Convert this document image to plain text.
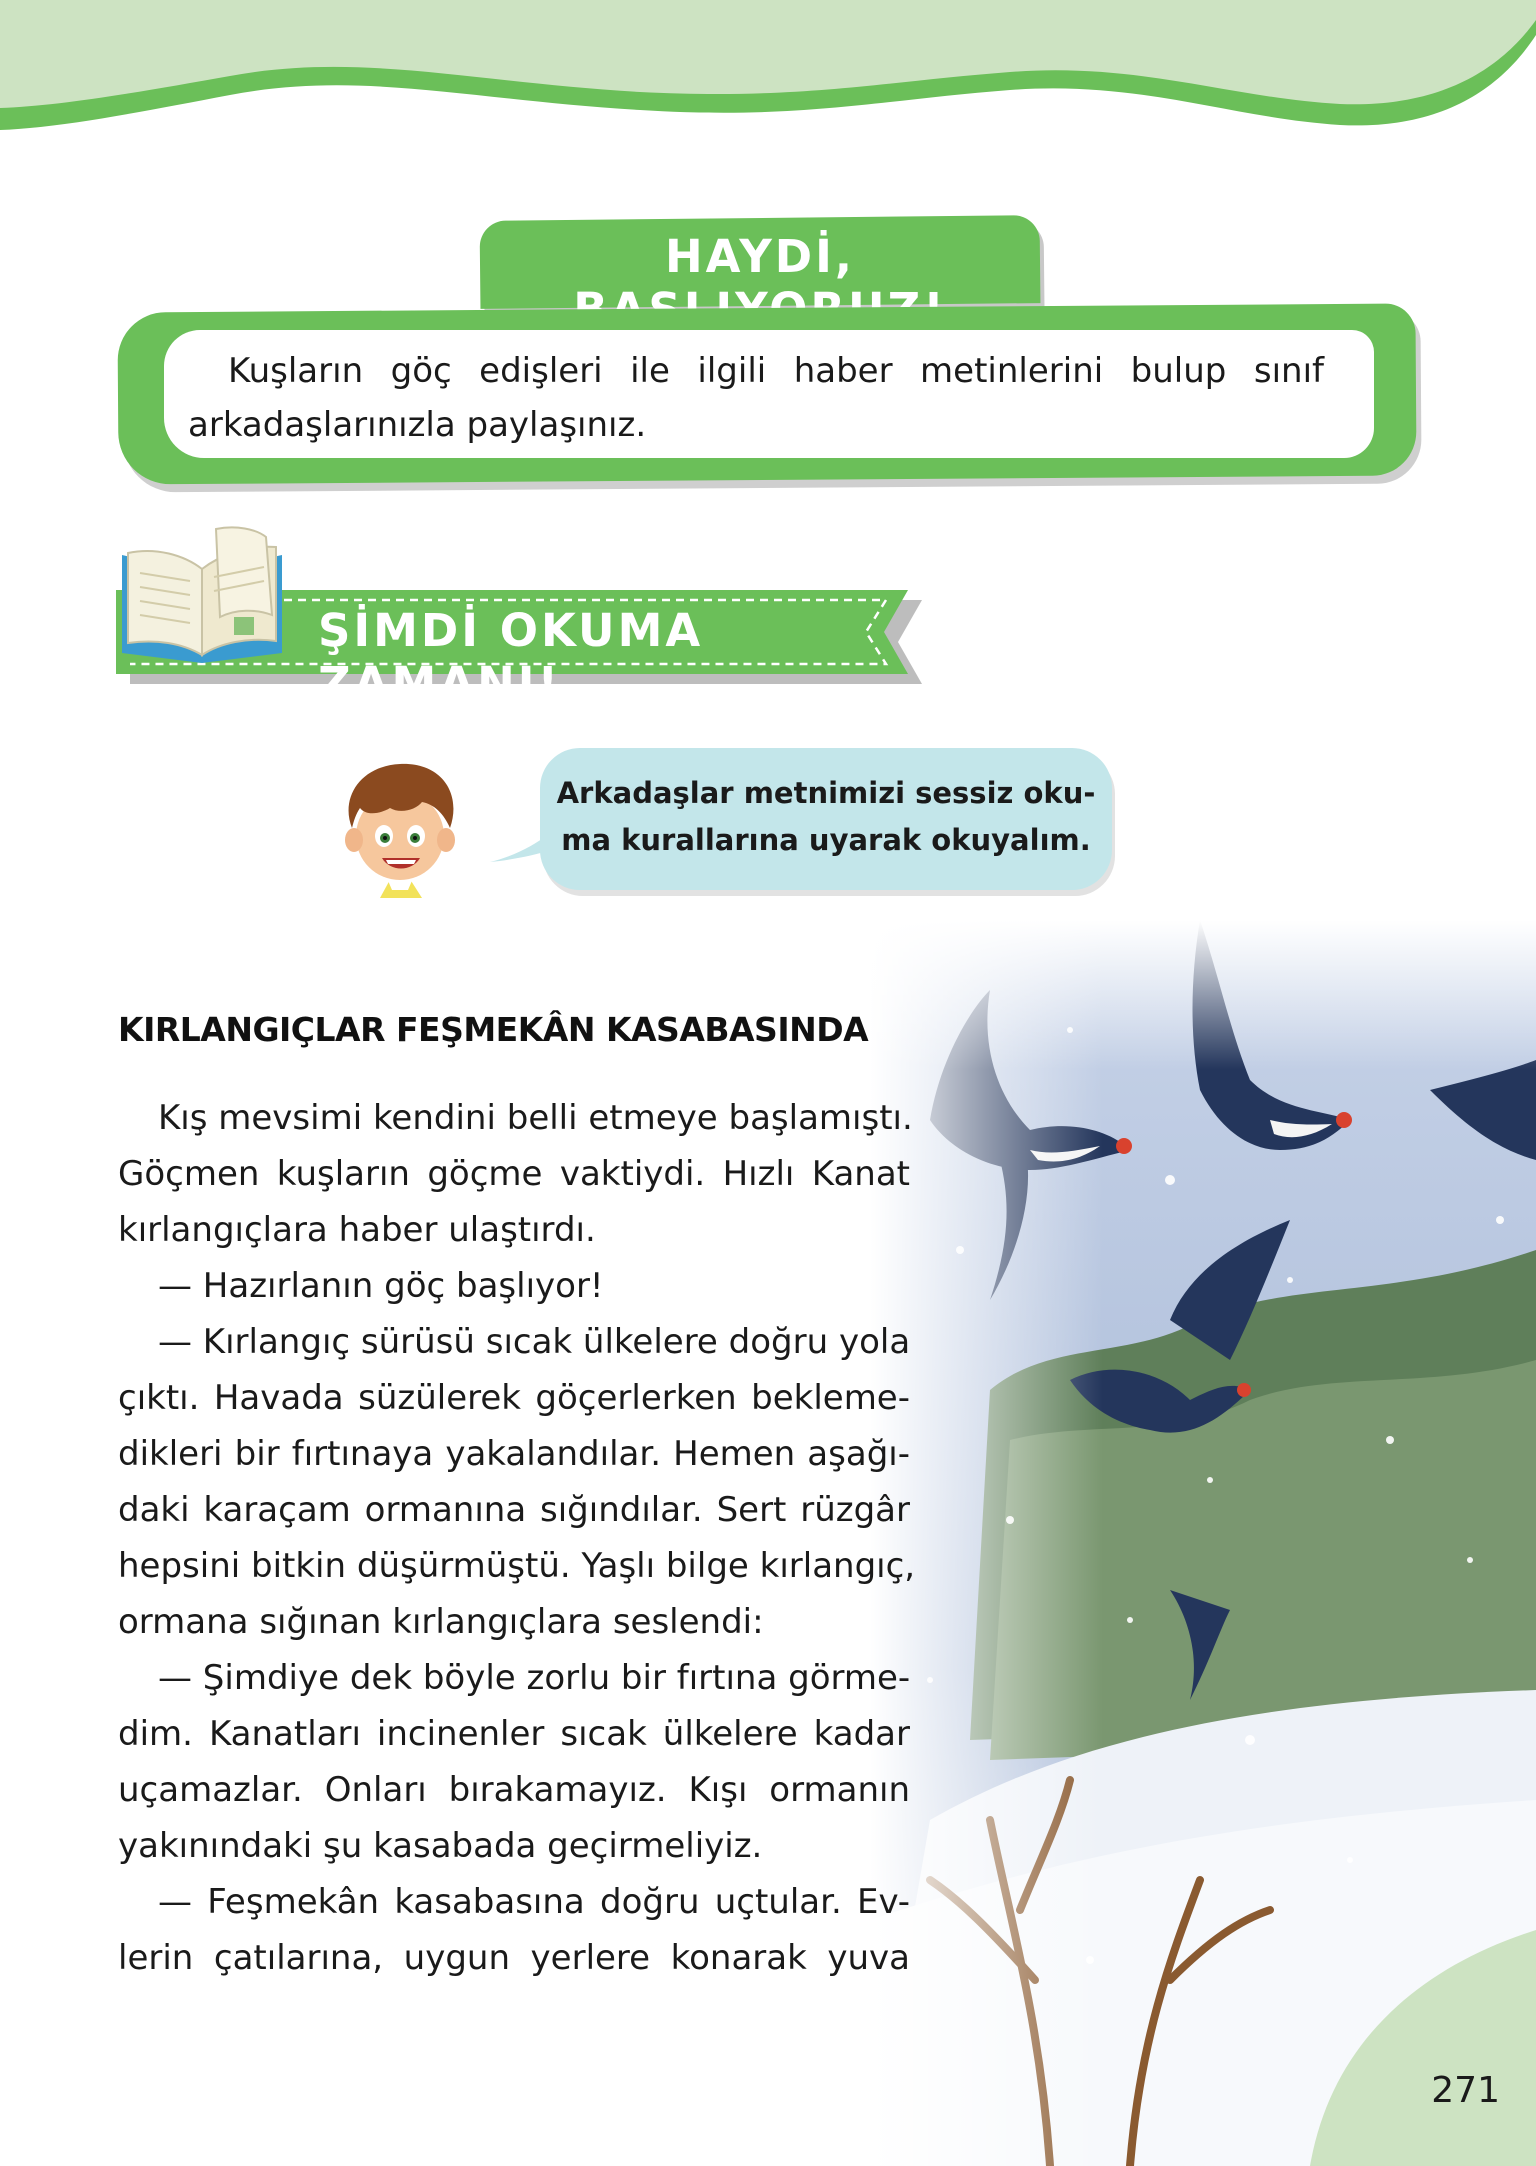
HAYDİ,
Kuşların göç edişleri ile ilgili haber metinlerini bulup sınıf arkadaşlarınızla paylaşınız.
ŞİMDİ OKUMA ZAMANI!
Arkadaşlar metnimizi sessiz oku-
ma kurallarına uyarak okuyalım.
271
KIRLANGIÇLAR FEŞMEKÂN KASABASINDA
Kış mevsimi kendini belli etmeye başlamıştı.
Göçmen kuşların göçme vaktiydi. Hızlı Kanat
kırlangıçlara haber ulaştırdı.
— Hazırlanın göç başlıyor!
— Kırlangıç sürüsü sıcak ülkelere doğru yola
çıktı. Havada süzülerek göçerlerken bekleme-
dikleri bir fırtınaya yakalandılar. Hemen aşağı-
daki karaçam ormanına sığındılar. Sert rüzgâr
hepsini bitkin düşürmüştü. Yaşlı bilge kırlangıç,
ormana sığınan kırlangıçlara seslendi:
— Şimdiye dek böyle zorlu bir fırtına görme-
dim. Kanatları incinenler sıcak ülkelere kadar
uçamazlar. Onları bırakamayız. Kışı ormanın
yakınındaki şu kasabada geçirmeliyiz.
— Feşmekân kasabasına doğru uçtular. Ev-
lerin çatılarına, uygun yerlere konarak yuva
